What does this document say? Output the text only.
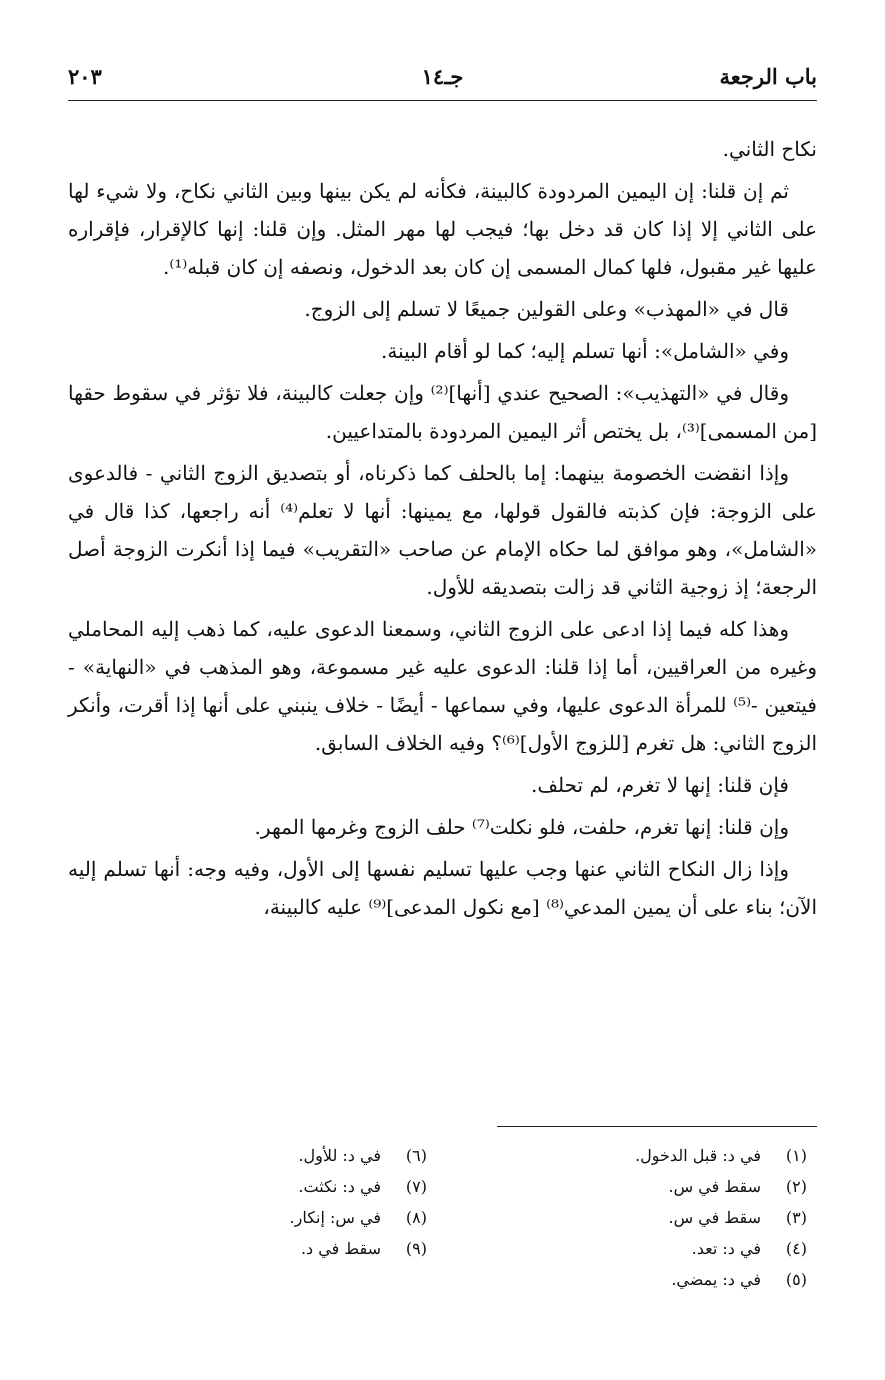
باب الرجعة
جـ١٤
٢٠٣

نكاح الثاني.

ثم إن قلنا: إن اليمين المردودة كالبينة، فكأنه لم يكن بينها وبين الثاني نكاح، ولا شيء لها على الثاني إلا إذا كان قد دخل بها؛ فيجب لها مهر المثل. وإن قلنا: إنها كالإقرار، فإقراره عليها غير مقبول، فلها كمال المسمى إن كان بعد الدخول، ونصفه إن كان قبله⁽¹⁾.

قال في «المهذب» وعلى القولين جميعًا لا تسلم إلى الزوج.

وفي «الشامل»: أنها تسلم إليه؛ كما لو أقام البينة.

وقال في «التهذيب»: الصحيح عندي [أنها]⁽²⁾ وإن جعلت كالبينة، فلا تؤثر في سقوط حقها [من المسمى]⁽³⁾، بل يختص أثر اليمين المردودة بالمتداعيين.

وإذا انقضت الخصومة بينهما: إما بالحلف كما ذكرناه، أو بتصديق الزوج الثاني - فالدعوى على الزوجة: فإن كذبته فالقول قولها، مع يمينها: أنها لا تعلم⁽⁴⁾ أنه راجعها، كذا قال في «الشامل»، وهو موافق لما حكاه الإمام عن صاحب «التقريب» فيما إذا أنكرت الزوجة أصل الرجعة؛ إذ زوجية الثاني قد زالت بتصديقه للأول.

وهذا كله فيما إذا ادعى على الزوج الثاني، وسمعنا الدعوى عليه، كما ذهب إليه المحاملي وغيره من العراقيين، أما إذا قلنا: الدعوى عليه غير مسموعة، وهو المذهب في «النهاية» - فيتعين -⁽⁵⁾ للمرأة الدعوى عليها، وفي سماعها - أيضًا - خلاف ينبني على أنها إذا أقرت، وأنكر الزوج الثاني: هل تغرم [للزوج الأول]⁽⁶⁾؟ وفيه الخلاف السابق.

فإن قلنا: إنها لا تغرم، لم تحلف.

وإن قلنا: إنها تغرم، حلفت، فلو نكلت⁽⁷⁾ حلف الزوج وغرمها المهر.

وإذا زال النكاح الثاني عنها وجب عليها تسليم نفسها إلى الأول، وفيه وجه: أنها تسلم إليه الآن؛ بناء على أن يمين المدعي⁽⁸⁾ [مع نكول المدعى]⁽⁹⁾ عليه كالبينة،

(١)في د: قبل الدخول.
(٢)سقط في س.
(٣)سقط في س.
(٤)في د: تعد.
(٥)في د: يمضي.
(٦)في د: للأول.
(٧)في د: نكثت.
(٨)في س: إنكار.
(٩)سقط في د.
